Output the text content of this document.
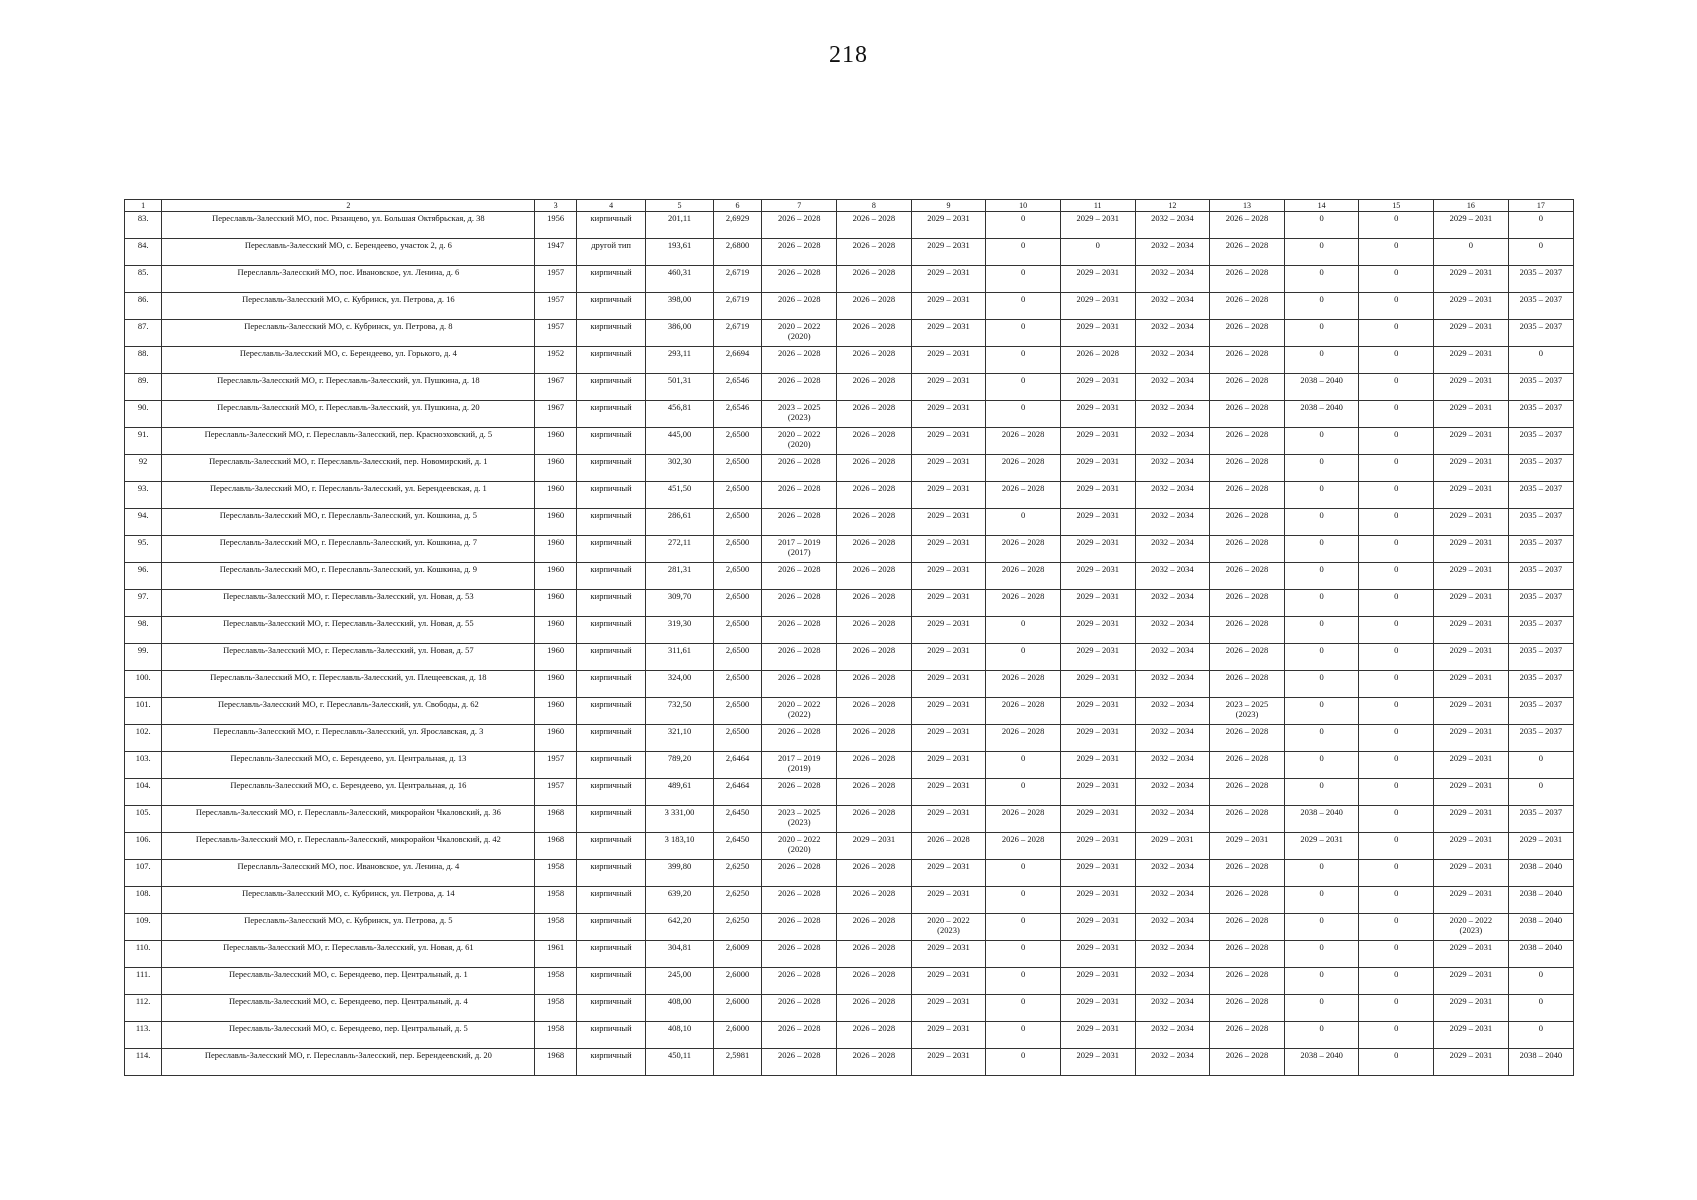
218
1	2	3	4	5	6	7	8	9	10	11	12	13	14	15	16	17
83.	Переславль-Залесский МО, пос. Рязанцево, ул. Большая Октябрьская, д. 38	1956	кирпичный	201,11	2,6929	2026 – 2028	2026 – 2028	2029 – 2031	0	2029 – 2031	2032 – 2034	2026 – 2028	0	0	2029 – 2031	0
84.	Переславль-Залесский МО, с. Берендеево, участок 2, д. 6	1947	другой тип	193,61	2,6800	2026 – 2028	2026 – 2028	2029 – 2031	0	0	2032 – 2034	2026 – 2028	0	0	0	0
85.	Переславль-Залесский МО, пос. Ивановское, ул. Ленина, д. 6	1957	кирпичный	460,31	2,6719	2026 – 2028	2026 – 2028	2029 – 2031	0	2029 – 2031	2032 – 2034	2026 – 2028	0	0	2029 – 2031	2035 – 2037
86.	Переславль-Залесский МО, с. Кубринск, ул. Петрова, д. 16	1957	кирпичный	398,00	2,6719	2026 – 2028	2026 – 2028	2029 – 2031	0	2029 – 2031	2032 – 2034	2026 – 2028	0	0	2029 – 2031	2035 – 2037
87.	Переславль-Залесский МО, с. Кубринск, ул. Петрова, д. 8	1957	кирпичный	386,00	2,6719	2020 – 2022
(2020)	2026 – 2028	2029 – 2031	0	2029 – 2031	2032 – 2034	2026 – 2028	0	0	2029 – 2031	2035 – 2037
88.	Переславль-Залесский МО, с. Берендеево, ул. Горького, д. 4	1952	кирпичный	293,11	2,6694	2026 – 2028	2026 – 2028	2029 – 2031	0	2026 – 2028	2032 – 2034	2026 – 2028	0	0	2029 – 2031	0
89.	Переславль-Залесский МО, г. Переславль-Залесский, ул. Пушкина, д. 18	1967	кирпичный	501,31	2,6546	2026 – 2028	2026 – 2028	2029 – 2031	0	2029 – 2031	2032 – 2034	2026 – 2028	2038 – 2040	0	2029 – 2031	2035 – 2037
90.	Переславль-Залесский МО, г. Переславль-Залесский, ул. Пушкина, д. 20	1967	кирпичный	456,81	2,6546	2023 – 2025
(2023)	2026 – 2028	2029 – 2031	0	2029 – 2031	2032 – 2034	2026 – 2028	2038 – 2040	0	2029 – 2031	2035 – 2037
91.	Переславль-Залесский МО, г. Переславль-Залесский, пер. Красноэховский, д. 5	1960	кирпичный	445,00	2,6500	2020 – 2022
(2020)	2026 – 2028	2029 – 2031	2026 – 2028	2029 – 2031	2032 – 2034	2026 – 2028	0	0	2029 – 2031	2035 – 2037
92	Переславль-Залесский МО, г. Переславль-Залесский, пер. Новомирский, д. 1	1960	кирпичный	302,30	2,6500	2026 – 2028	2026 – 2028	2029 – 2031	2026 – 2028	2029 – 2031	2032 – 2034	2026 – 2028	0	0	2029 – 2031	2035 – 2037
93.	Переславль-Залесский МО, г. Переславль-Залесский, ул. Берендеевская, д. 1	1960	кирпичный	451,50	2,6500	2026 – 2028	2026 – 2028	2029 – 2031	2026 – 2028	2029 – 2031	2032 – 2034	2026 – 2028	0	0	2029 – 2031	2035 – 2037
94.	Переславль-Залесский МО, г. Переславль-Залесский, ул. Кошкина, д. 5	1960	кирпичный	286,61	2,6500	2026 – 2028	2026 – 2028	2029 – 2031	0	2029 – 2031	2032 – 2034	2026 – 2028	0	0	2029 – 2031	2035 – 2037
95.	Переславль-Залесский МО, г. Переславль-Залесский, ул. Кошкина, д. 7	1960	кирпичный	272,11	2,6500	2017 – 2019
(2017)	2026 – 2028	2029 – 2031	2026 – 2028	2029 – 2031	2032 – 2034	2026 – 2028	0	0	2029 – 2031	2035 – 2037
96.	Переславль-Залесский МО, г. Переславль-Залесский, ул. Кошкина, д. 9	1960	кирпичный	281,31	2,6500	2026 – 2028	2026 – 2028	2029 – 2031	2026 – 2028	2029 – 2031	2032 – 2034	2026 – 2028	0	0	2029 – 2031	2035 – 2037
97.	Переславль-Залесский МО, г. Переславль-Залесский, ул. Новая, д. 53	1960	кирпичный	309,70	2,6500	2026 – 2028	2026 – 2028	2029 – 2031	2026 – 2028	2029 – 2031	2032 – 2034	2026 – 2028	0	0	2029 – 2031	2035 – 2037
98.	Переславль-Залесский МО, г. Переславль-Залесский, ул. Новая, д. 55	1960	кирпичный	319,30	2,6500	2026 – 2028	2026 – 2028	2029 – 2031	0	2029 – 2031	2032 – 2034	2026 – 2028	0	0	2029 – 2031	2035 – 2037
99.	Переславль-Залесский МО, г. Переславль-Залесский, ул. Новая, д. 57	1960	кирпичный	311,61	2,6500	2026 – 2028	2026 – 2028	2029 – 2031	0	2029 – 2031	2032 – 2034	2026 – 2028	0	0	2029 – 2031	2035 – 2037
100.	Переславль-Залесский МО, г. Переславль-Залесский, ул. Плещеевская, д. 18	1960	кирпичный	324,00	2,6500	2026 – 2028	2026 – 2028	2029 – 2031	2026 – 2028	2029 – 2031	2032 – 2034	2026 – 2028	0	0	2029 – 2031	2035 – 2037
101.	Переславль-Залесский МО, г. Переславль-Залесский, ул. Свободы, д. 62	1960	кирпичный	732,50	2,6500	2020 – 2022
(2022)	2026 – 2028	2029 – 2031	2026 – 2028	2029 – 2031	2032 – 2034	2023 – 2025
(2023)	0	0	2029 – 2031	2035 – 2037
102.	Переславль-Залесский МО, г. Переславль-Залесский, ул. Ярославская, д. 3	1960	кирпичный	321,10	2,6500	2026 – 2028	2026 – 2028	2029 – 2031	2026 – 2028	2029 – 2031	2032 – 2034	2026 – 2028	0	0	2029 – 2031	2035 – 2037
103.	Переславль-Залесский МО, с. Берендеево, ул. Центральная, д. 13	1957	кирпичный	789,20	2,6464	2017 – 2019
(2019)	2026 – 2028	2029 – 2031	0	2029 – 2031	2032 – 2034	2026 – 2028	0	0	2029 – 2031	0
104.	Переславль-Залесский МО, с. Берендеево, ул. Центральная, д. 16	1957	кирпичный	489,61	2,6464	2026 – 2028	2026 – 2028	2029 – 2031	0	2029 – 2031	2032 – 2034	2026 – 2028	0	0	2029 – 2031	0
105.	Переславль-Залесский МО, г. Переславль-Залесский, микрорайон Чкаловский, д. 36	1968	кирпичный	3 331,00	2,6450	2023 – 2025
(2023)	2026 – 2028	2029 – 2031	2026 – 2028	2029 – 2031	2032 – 2034	2026 – 2028	2038 – 2040	0	2029 – 2031	2035 – 2037
106.	Переславль-Залесский МО, г. Переславль-Залесский, микрорайон Чкаловский, д. 42	1968	кирпичный	3 183,10	2,6450	2020 – 2022
(2020)	2029 – 2031	2026 – 2028	2026 – 2028	2029 – 2031	2029 – 2031	2029 – 2031	2029 – 2031	0	2029 – 2031	2029 – 2031
107.	Переславль-Залесский МО, пос. Ивановское, ул. Ленина, д. 4	1958	кирпичный	399,80	2,6250	2026 – 2028	2026 – 2028	2029 – 2031	0	2029 – 2031	2032 – 2034	2026 – 2028	0	0	2029 – 2031	2038 – 2040
108.	Переславль-Залесский МО, с. Кубринск, ул. Петрова, д. 14	1958	кирпичный	639,20	2,6250	2026 – 2028	2026 – 2028	2029 – 2031	0	2029 – 2031	2032 – 2034	2026 – 2028	0	0	2029 – 2031	2038 – 2040
109.	Переславль-Залесский МО, с. Кубринск, ул. Петрова, д. 5	1958	кирпичный	642,20	2,6250	2026 – 2028	2026 – 2028	2020 – 2022
(2023)	0	2029 – 2031	2032 – 2034	2026 – 2028	0	0	2020 – 2022
(2023)	2038 – 2040
110.	Переславль-Залесский МО, г. Переславль-Залесский, ул. Новая, д. 61	1961	кирпичный	304,81	2,6009	2026 – 2028	2026 – 2028	2029 – 2031	0	2029 – 2031	2032 – 2034	2026 – 2028	0	0	2029 – 2031	2038 – 2040
111.	Переславль-Залесский МО, с. Берендеево, пер. Центральный, д. 1	1958	кирпичный	245,00	2,6000	2026 – 2028	2026 – 2028	2029 – 2031	0	2029 – 2031	2032 – 2034	2026 – 2028	0	0	2029 – 2031	0
112.	Переславль-Залесский МО, с. Берендеево, пер. Центральный, д. 4	1958	кирпичный	408,00	2,6000	2026 – 2028	2026 – 2028	2029 – 2031	0	2029 – 2031	2032 – 2034	2026 – 2028	0	0	2029 – 2031	0
113.	Переславль-Залесский МО, с. Берендеево, пер. Центральный, д. 5	1958	кирпичный	408,10	2,6000	2026 – 2028	2026 – 2028	2029 – 2031	0	2029 – 2031	2032 – 2034	2026 – 2028	0	0	2029 – 2031	0
114.	Переславль-Залесский МО, г. Переславль-Залесский, пер. Берендеевский, д. 20	1968	кирпичный	450,11	2,5981	2026 – 2028	2026 – 2028	2029 – 2031	0	2029 – 2031	2032 – 2034	2026 – 2028	2038 – 2040	0	2029 – 2031	2038 – 2040
